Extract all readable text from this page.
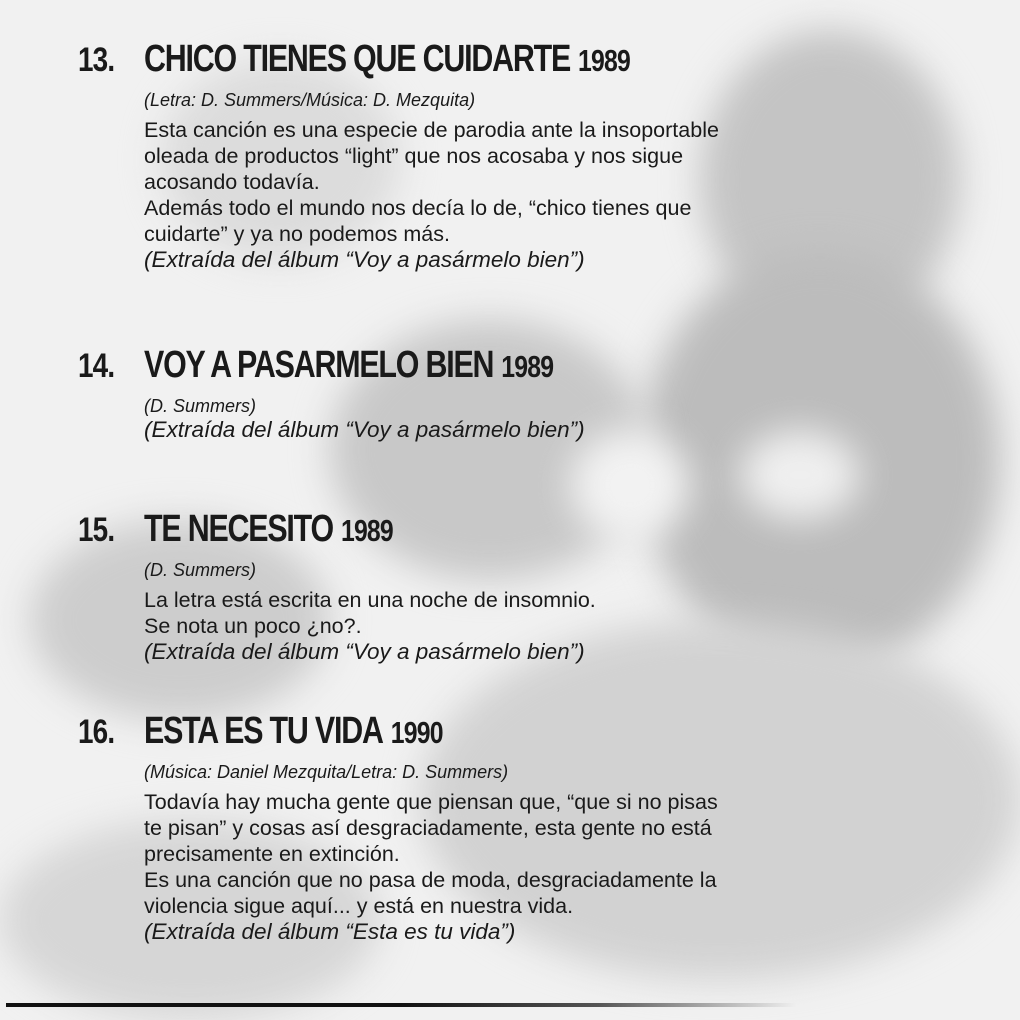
13. CHICO TIENES QUE CUIDARTE 1989
(Letra: D. Summers/Música: D. Mezquita)
Esta canción es una especie de parodia ante la insoportable
oleada de productos “light” que nos acosaba y nos sigue
acosando todavía.
Además todo el mundo nos decía lo de, “chico tienes que
cuidarte” y ya no podemos más.
(Extraída del álbum “Voy a pasármelo bien”)
14. VOY A PASARMELO BIEN 1989
(D. Summers)
(Extraída del álbum “Voy a pasármelo bien”)
15. TE NECESITO 1989
(D. Summers)
La letra está escrita en una noche de insomnio.
Se nota un poco ¿no?.
(Extraída del álbum “Voy a pasármelo bien”)
16. ESTA ES TU VIDA 1990
(Música: Daniel Mezquita/Letra: D. Summers)
Todavía hay mucha gente que piensan que, “que si no pisas
te pisan” y cosas así desgraciadamente, esta gente no está
precisamente en extinción.
Es una canción que no pasa de moda, desgraciadamente la
violencia sigue aquí... y está en nuestra vida.
(Extraída del álbum “Esta es tu vida”)
